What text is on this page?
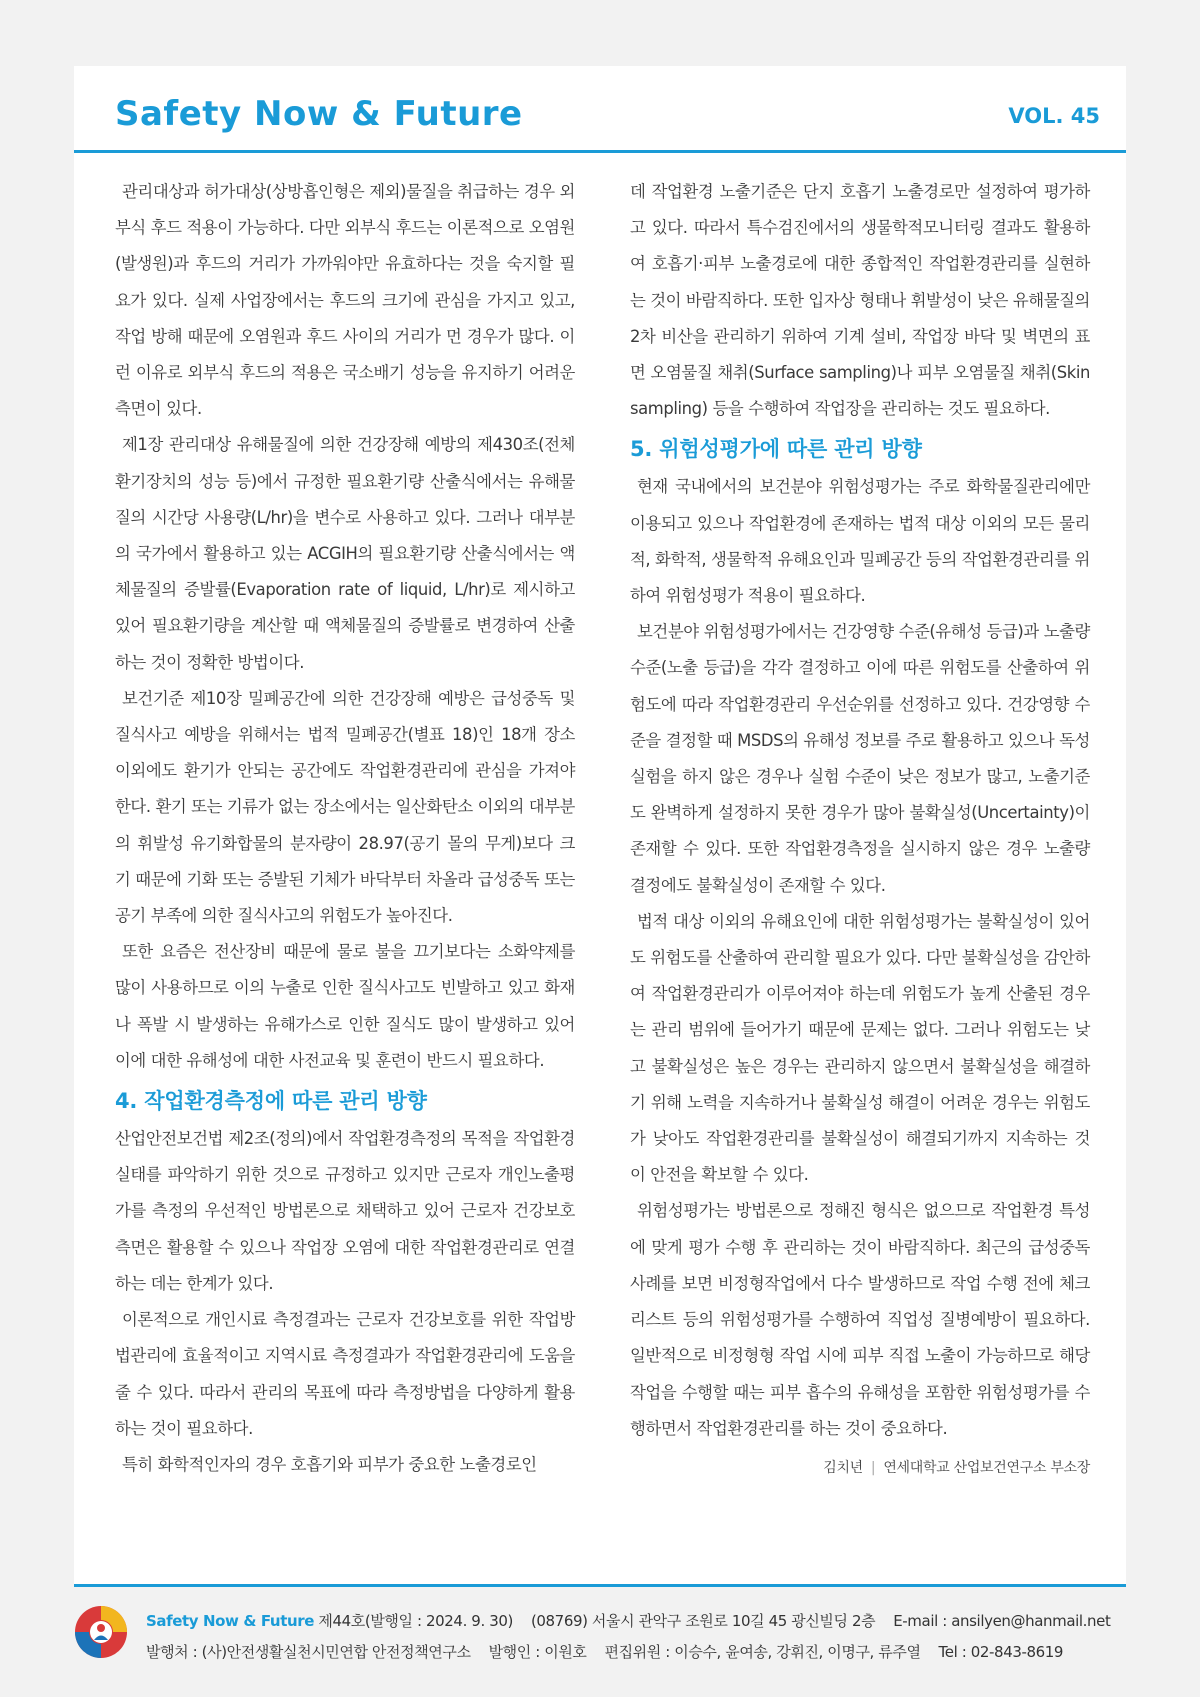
Safety Now & Future	VOL. 45

관리대상과 허가대상(상방흡인형은 제외)물질을 취급하는 경우 외부식 후드 적용이 가능하다. 다만 외부식 후드는 이론적으로 오염원(발생원)과 후드의 거리가 가까워야만 유효하다는 것을 숙지할 필요가 있다. 실제 사업장에서는 후드의 크기에 관심을 가지고 있고, 작업 방해 때문에 오염원과 후드 사이의 거리가 먼 경우가 많다. 이런 이유로 외부식 후드의 적용은 국소배기 성능을 유지하기 어려운 측면이 있다.

제1장 관리대상 유해물질에 의한 건강장해 예방의 제430조(전체환기장치의 성능 등)에서 규정한 필요환기량 산출식에서는 유해물질의 시간당 사용량(L/hr)을 변수로 사용하고 있다. 그러나 대부분의 국가에서 활용하고 있는 ACGIH의 필요환기량 산출식에서는 액체물질의 증발률(Evaporation rate of liquid, L/hr)로 제시하고 있어 필요환기량을 계산할 때 액체물질의 증발률로 변경하여 산출하는 것이 정확한 방법이다.

보건기준 제10장 밀폐공간에 의한 건강장해 예방은 급성중독 및 질식사고 예방을 위해서는 법적 밀폐공간(별표 18)인 18개 장소 이외에도 환기가 안되는 공간에도 작업환경관리에 관심을 가져야 한다. 환기 또는 기류가 없는 장소에서는 일산화탄소 이외의 대부분의 휘발성 유기화합물의 분자량이 28.97(공기 몰의 무게)보다 크기 때문에 기화 또는 증발된 기체가 바닥부터 차올라 급성중독 또는 공기 부족에 의한 질식사고의 위험도가 높아진다.

또한 요즘은 전산장비 때문에 물로 불을 끄기보다는 소화약제를 많이 사용하므로 이의 누출로 인한 질식사고도 빈발하고 있고 화재나 폭발 시 발생하는 유해가스로 인한 질식도 많이 발생하고 있어 이에 대한 유해성에 대한 사전교육 및 훈련이 반드시 필요하다.

4. 작업환경측정에 따른 관리 방향

산업안전보건법 제2조(정의)에서 작업환경측정의 목적을 작업환경 실태를 파악하기 위한 것으로 규정하고 있지만 근로자 개인노출평가를 측정의 우선적인 방법론으로 채택하고 있어 근로자 건강보호 측면은 활용할 수 있으나 작업장 오염에 대한 작업환경관리로 연결하는 데는 한계가 있다.

이론적으로 개인시료 측정결과는 근로자 건강보호를 위한 작업방법관리에 효율적이고 지역시료 측정결과가 작업환경관리에 도움을 줄 수 있다. 따라서 관리의 목표에 따라 측정방법을 다양하게 활용하는 것이 필요하다.

특히 화학적인자의 경우 호흡기와 피부가 중요한 노출경로인

데 작업환경 노출기준은 단지 호흡기 노출경로만 설정하여 평가하고 있다. 따라서 특수검진에서의 생물학적모니터링 결과도 활용하여 호흡기·피부 노출경로에 대한 종합적인 작업환경관리를 실현하는 것이 바람직하다. 또한 입자상 형태나 휘발성이 낮은 유해물질의 2차 비산을 관리하기 위하여 기계 설비, 작업장 바닥 및 벽면의 표면 오염물질 채취(Surface sampling)나 피부 오염물질 채취(Skin sampling) 등을 수행하여 작업장을 관리하는 것도 필요하다.

5. 위험성평가에 따른 관리 방향

현재 국내에서의 보건분야 위험성평가는 주로 화학물질관리에만 이용되고 있으나 작업환경에 존재하는 법적 대상 이외의 모든 물리적, 화학적, 생물학적 유해요인과 밀폐공간 등의 작업환경관리를 위하여 위험성평가 적용이 필요하다.

보건분야 위험성평가에서는 건강영향 수준(유해성 등급)과 노출량 수준(노출 등급)을 각각 결정하고 이에 따른 위험도를 산출하여 위험도에 따라 작업환경관리 우선순위를 선정하고 있다. 건강영향 수준을 결정할 때 MSDS의 유해성 정보를 주로 활용하고 있으나 독성실험을 하지 않은 경우나 실험 수준이 낮은 정보가 많고, 노출기준도 완벽하게 설정하지 못한 경우가 많아 불확실성(Uncertainty)이 존재할 수 있다. 또한 작업환경측정을 실시하지 않은 경우 노출량 결정에도 불확실성이 존재할 수 있다.

법적 대상 이외의 유해요인에 대한 위험성평가는 불확실성이 있어도 위험도를 산출하여 관리할 필요가 있다. 다만 불확실성을 감안하여 작업환경관리가 이루어져야 하는데 위험도가 높게 산출된 경우는 관리 범위에 들어가기 때문에 문제는 없다. 그러나 위험도는 낮고 불확실성은 높은 경우는 관리하지 않으면서 불확실성을 해결하기 위해 노력을 지속하거나 불확실성 해결이 어려운 경우는 위험도가 낮아도 작업환경관리를 불확실성이 해결되기까지 지속하는 것이 안전을 확보할 수 있다.

위험성평가는 방법론으로 정해진 형식은 없으므로 작업환경 특성에 맞게 평가 수행 후 관리하는 것이 바람직하다. 최근의 급성중독 사례를 보면 비정형작업에서 다수 발생하므로 작업 수행 전에 체크리스트 등의 위험성평가를 수행하여 직업성 질병예방이 필요하다. 일반적으로 비정형형 작업 시에 피부 직접 노출이 가능하므로 해당 작업을 수행할 때는 피부 흡수의 유해성을 포함한 위험성평가를 수행하면서 작업환경관리를 하는 것이 중요하다.

김치년 | 연세대학교 산업보건연구소 부소장
Safety Now & Future 제44호(발행일 : 2024. 9. 30) (08769) 서울시 관악구 조원로 10길 45 광신빌딩 2층 E-mail : ansilyen@hanmail.net
발행처 : (사)안전생활실천시민연합 안전정책연구소 발행인 : 이원호 편집위원 : 이승수, 윤여송, 강휘진, 이명구, 류주열 Tel : 02-843-8619
